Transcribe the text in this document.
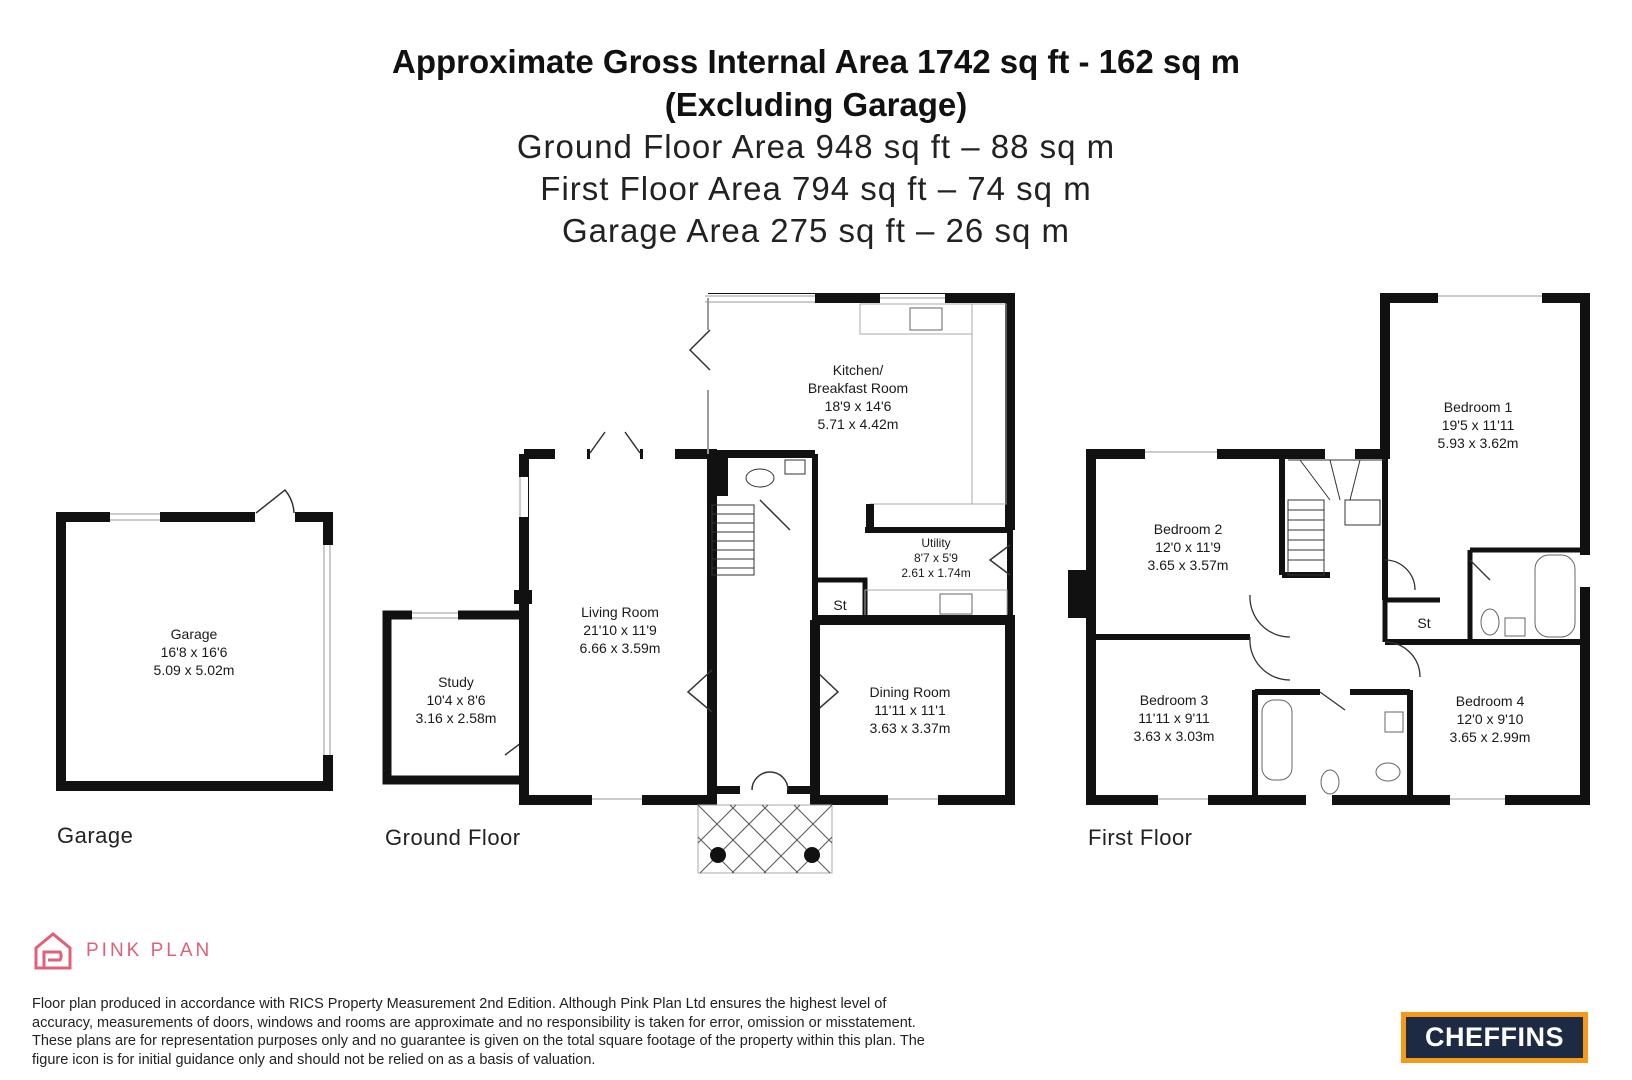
Approximate Gross Internal Area 1742 sq ft - 162 sq m
(Excluding Garage)
Ground Floor Area 948 sq ft – 88 sq m
First Floor Area 794 sq ft – 74 sq m
Garage Area 275 sq ft – 26 sq m
Garage
16'8 x 16'6
5.09 x 5.02m
Garage
Study
10'4 x 8'6
3.16 x 2.58m
Living Room
21'10 x 11'9
6.66 x 3.59m
Kitchen/
Breakfast Room
18'9 x 14'6
5.71 x 4.42m
St
Utility
8'7 x 5'9
2.61 x 1.74m
Dining Room
11'11 x 11'1
3.63 x 3.37m
Ground Floor
Bedroom 1
19'5 x 11'11
5.93 x 3.62m
Bedroom 2
12'0 x 11'9
3.65 x 3.57m
Bedroom 3
11'11 x 9'11
3.63 x 3.03m
Bedroom 4
12'0 x 9'10
3.65 x 2.99m
St
First Floor
PINK PLAN
Floor plan produced in accordance with RICS Property Measurement 2nd Edition. Although Pink Plan Ltd ensures the highest level of accuracy, measurements of doors, windows and rooms are approximate and no responsibility is taken for error, omission or misstatement. These plans are for representation purposes only and no guarantee is given on the total square footage of the property within this plan. The figure icon is for initial guidance only and should not be relied on as a basis of valuation.
CHEFFINS
